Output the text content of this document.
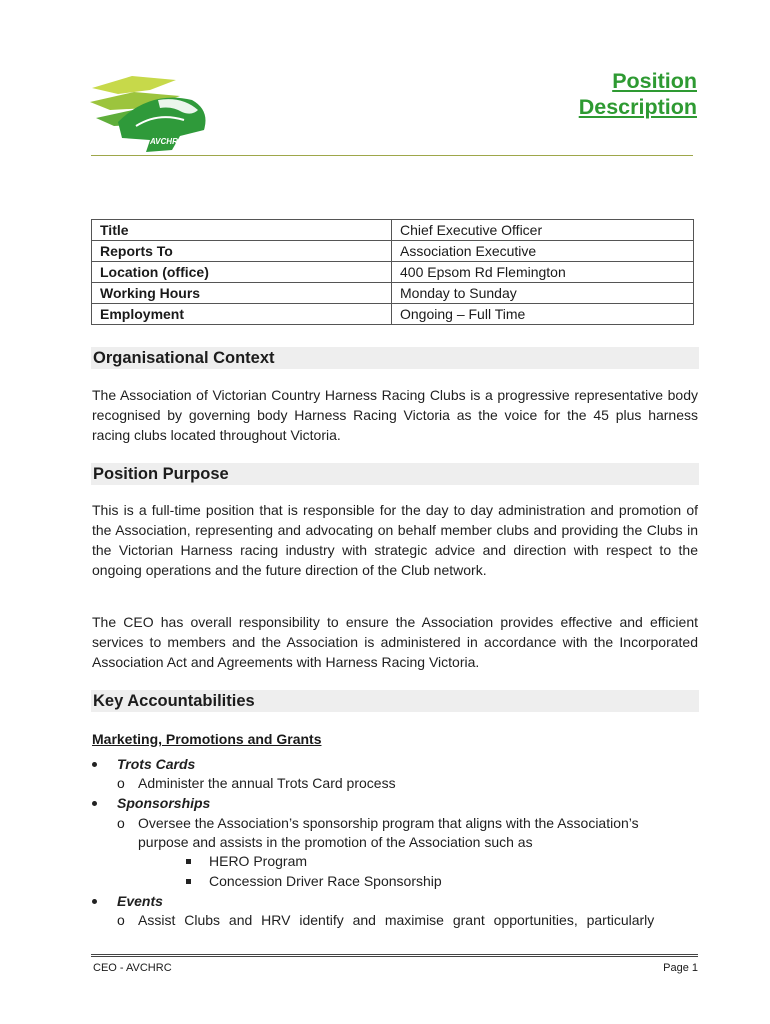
AVCHRC
Position
Description
Title	Chief Executive Officer
Reports To	Association Executive
Location (office)	400 Epsom Rd Flemington
Working Hours	Monday to Sunday
Employment	Ongoing – Full Time
Organisational Context

The Association of Victorian Country Harness Racing Clubs is a progressive representative body recognised by governing body Harness Racing Victoria as the voice for the 45 plus harness racing clubs located throughout Victoria.

Position Purpose

This is a full-time position that is responsible for the day to day administration and promotion of the Association, representing and advocating on behalf member clubs and providing the Clubs in the Victorian Harness racing industry with strategic advice and direction with respect to the ongoing operations and the future direction of the Club network.

The CEO has overall responsibility to ensure the Association provides effective and efficient services to members and the Association is administered in accordance with the Incorporated Association Act and Agreements with Harness Racing Victoria.

Key Accountabilities
Marketing, Promotions and Grants
Trots Cards
o Administer the annual Trots Card process
Sponsorships
o Oversee the Association’s sponsorship program that aligns with the Association’s
purpose and assists in the promotion of the Association such as
HERO Program
Concession Driver Race Sponsorship
Events
o Assist Clubs and HRV identify and maximise grant opportunities, particularly
CEO - AVCHRC	Page 1
